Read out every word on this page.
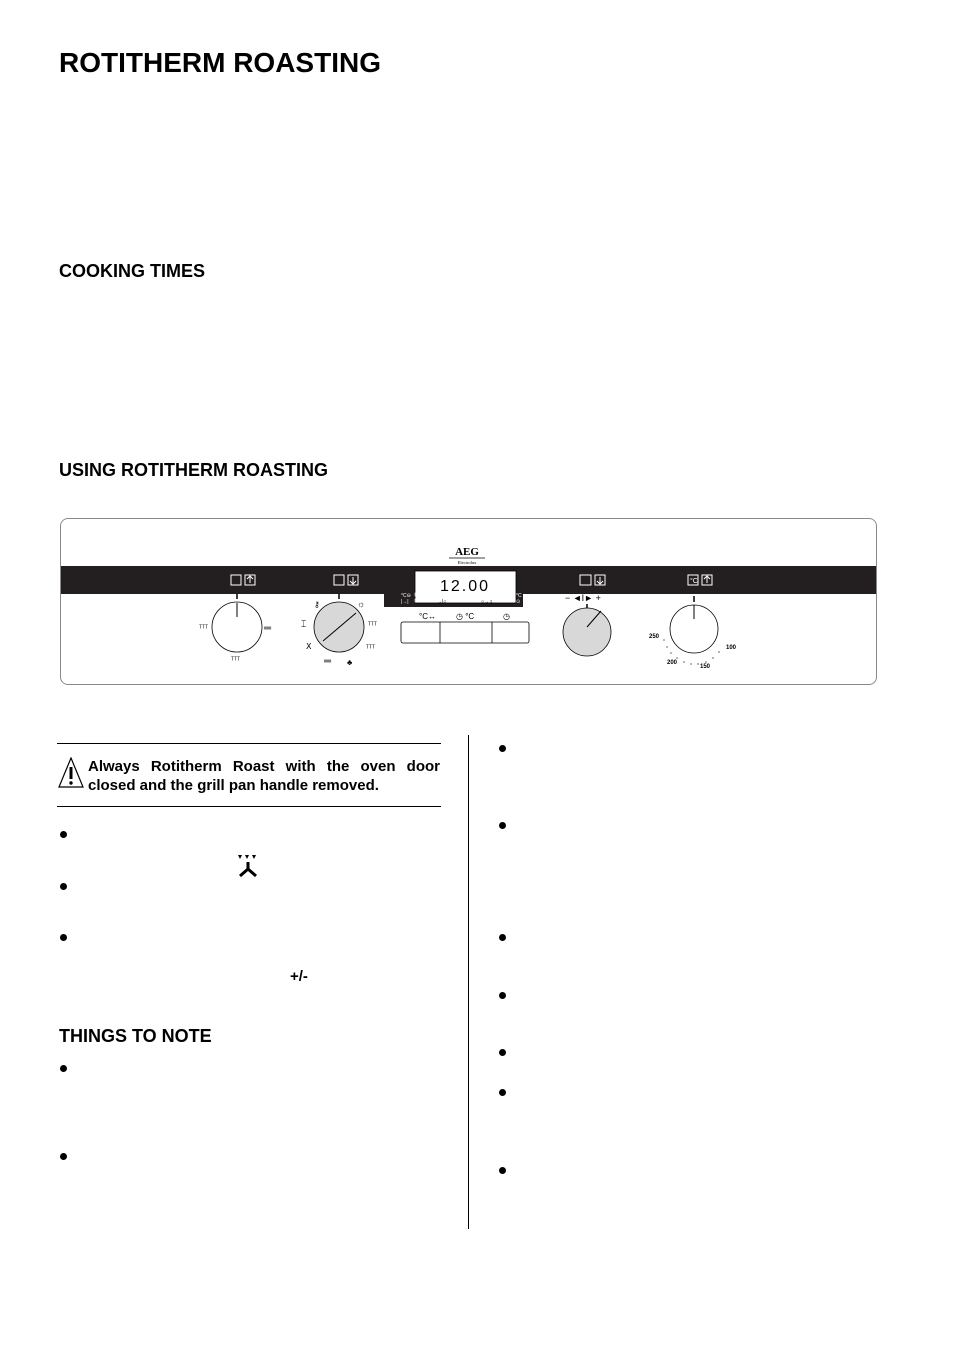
ROTITHERM ROASTING
COOKING TIMES
USING ROTITHERM ROASTING
AEG
Electrolux
°C
12.00
°C⊖
|→|
°C
⊙
→|○	○→♫
°C↔	◷ °C	◷
ᵀᵀᵀ	═
ᵀᵀᵀ
⚷	☼
⌶	ᵀᵀᵀ
Ⅹ	ᵀᵀᵀ
═ ♣
− ◄I► +
250
200
150
100
Always Rotitherm Roast with the oven door closed and the grill pan handle removed.
+/-
THINGS TO NOTE
